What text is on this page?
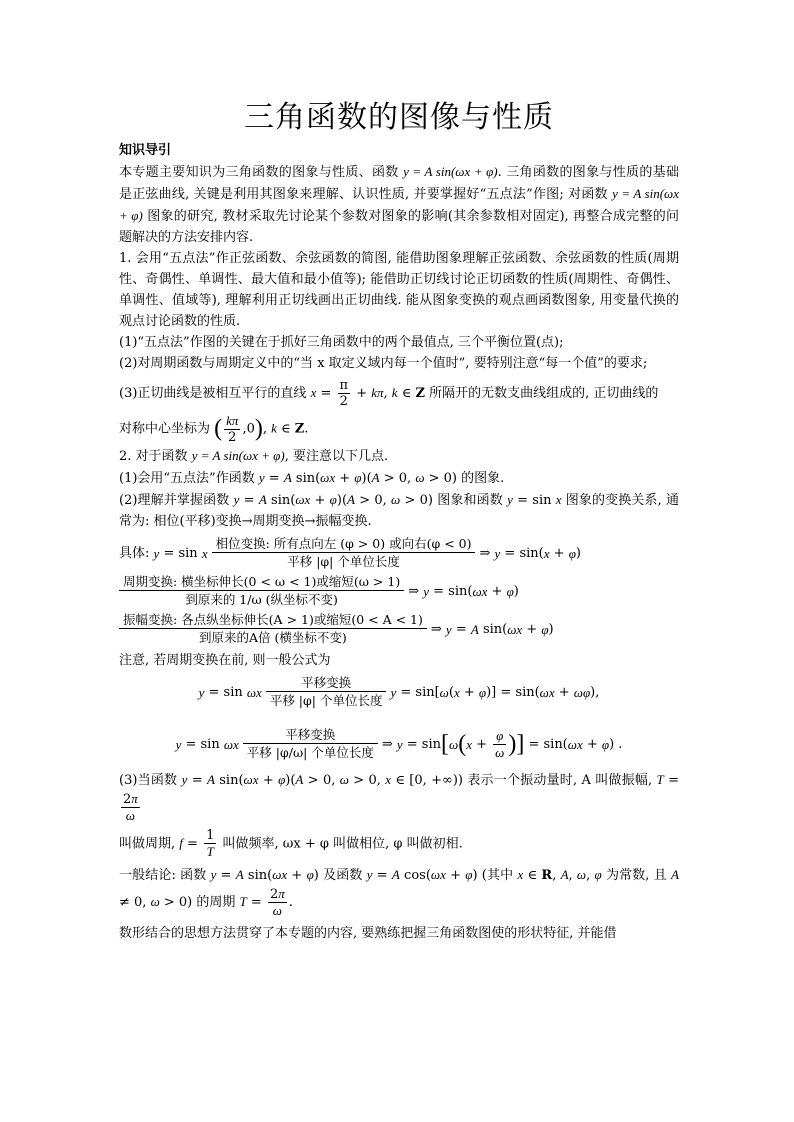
三角函数的图像与性质
知识导引

本专题主要知识为三角函数的图象与性质、函数 y = A sin(ωx + φ). 三角函数的图象与性质的基础是正弦曲线, 关键是利用其图象来理解、认识性质, 并要掌握好“五点法”作图; 对函数 y = A sin(ωx + φ) 图象的研究, 教材采取先讨论某个参数对图象的影响(其余参数相对固定), 再整合成完整的问题解决的方法安排内容.

1. 会用“五点法”作正弦函数、余弦函数的简图, 能借助图象理解正弦函数、余弦函数的性质(周期性、奇偶性、单调性、最大值和最小值等); 能借助正切线讨论正切函数的性质(周期性、奇偶性、单调性、值域等), 理解利用正切线画出正切曲线. 能从图象变换的观点画函数图象, 用变量代换的观点讨论函数的性质.

(1)“五点法”作图的关键在于抓好三角函数中的两个最值点, 三个平衡位置(点);

(2)对周期函数与周期定义中的“当 x 取定义域内每一个值时”, 要特别注意“每一个值”的要求;

(3)正切曲线是被相互平行的直线 $x = \frac{\pi}{2} + k\pi$, k ∈ Z 所隔开的无数支曲线组成的, 正切曲线的

对称中心坐标为 ( $\frac{k\pi}{2} ,0$), k ∈ Z.

2. 对于函数 y = A sin(ωx + φ), 要注意以下几点.

(1)会用“五点法”作函数 y = A sin(ωx + φ)(A > 0, ω > 0) 的图象.

(2)理解并掌握函数 y = A sin(ωx + φ)(A > 0, ω > 0) 图象和函数 y = sin x 图象的变换关系, 通常为: 相位(平移)变换→周期变换→振幅变换.

具体:
y = sin x
相位变换: 所有点向左 (φ > 0) 或向右(φ < 0)
平移 |φ| 个单位长度
⇒ y = sin( x + φ )
周期变换: 横坐标伸长(0 < ω < 1)或缩短(ω > 1)
到原来的 1/ω (纵坐标不变)
⇒ y = sin( ωx + φ )
振幅变换: 各点纵坐标伸长(A > 1)或缩短(0 < A < 1)
到原来的A倍 (横坐标不变)
⇒ y = A sin( ωx + φ )

注意, 若周期变换在前, 则一般公式为

y = sin ωx
平移变换
平移 |φ| 个单位长度
y = sin[ ω ( x + φ )] = sin( ωx + ωφ ),
y = sin ωx
平移变换
平移 |φ/ω| 个单位长度
⇒ y = sin [ ω ( $x + \frac{\varphi}{\omega}$ ) ] = sin( ωx + φ ) .

(3)当函数 y = A sin(ωx + φ)(A > 0, ω > 0, x ∈ [0, +∞)) 表示一个振动量时, A 叫做振幅, T =
$\frac{2\pi}{\omega}$

叫做周期, $f = \frac{1}{T}$ 叫做频率, ωx + φ 叫做相位, φ 叫做初相.

一般结论: 函数 y = A sin(ωx + φ) 及函数 y = A cos(ωx + φ) (其中 x ∈ R, A, ω, φ 为常数, 且 A ≠ 0, ω > 0) 的周期 $T = \frac{2\pi}{\omega}$ .

数形结合的思想方法贯穿了本专题的内容, 要熟练把握三角函数图使的形状特征, 并能借
